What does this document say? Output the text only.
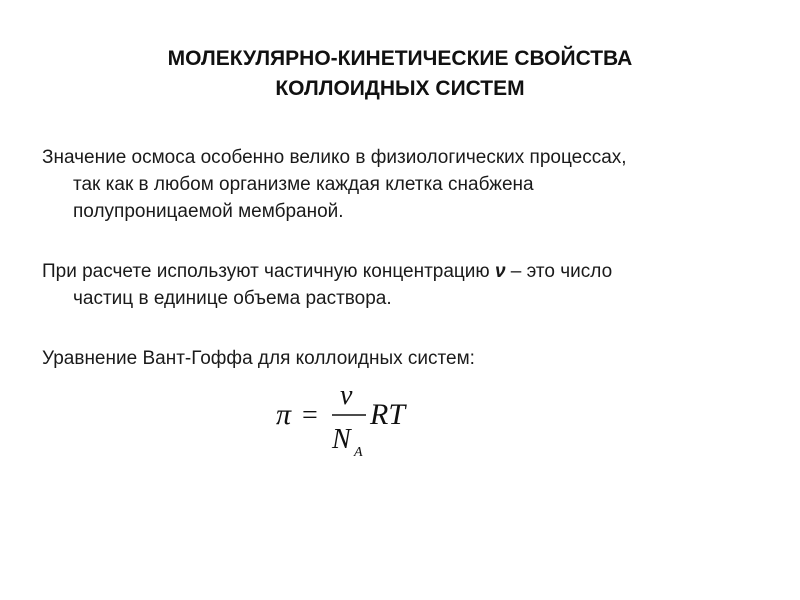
МОЛЕКУЛЯРНО-КИНЕТИЧЕСКИЕ СВОЙСТВА
КОЛЛОИДНЫХ СИСТЕМ
Значение осмоса особенно велико в физиологических процессах,
так как в любом организме каждая клетка снабжена
полупроницаемой мембраной.
При расчете используют частичную концентрацию ν – это число
частиц в единице объема раствора.
Уравнение Вант-Гоффа для коллоидных систем:
π =
ν
N A
RT
